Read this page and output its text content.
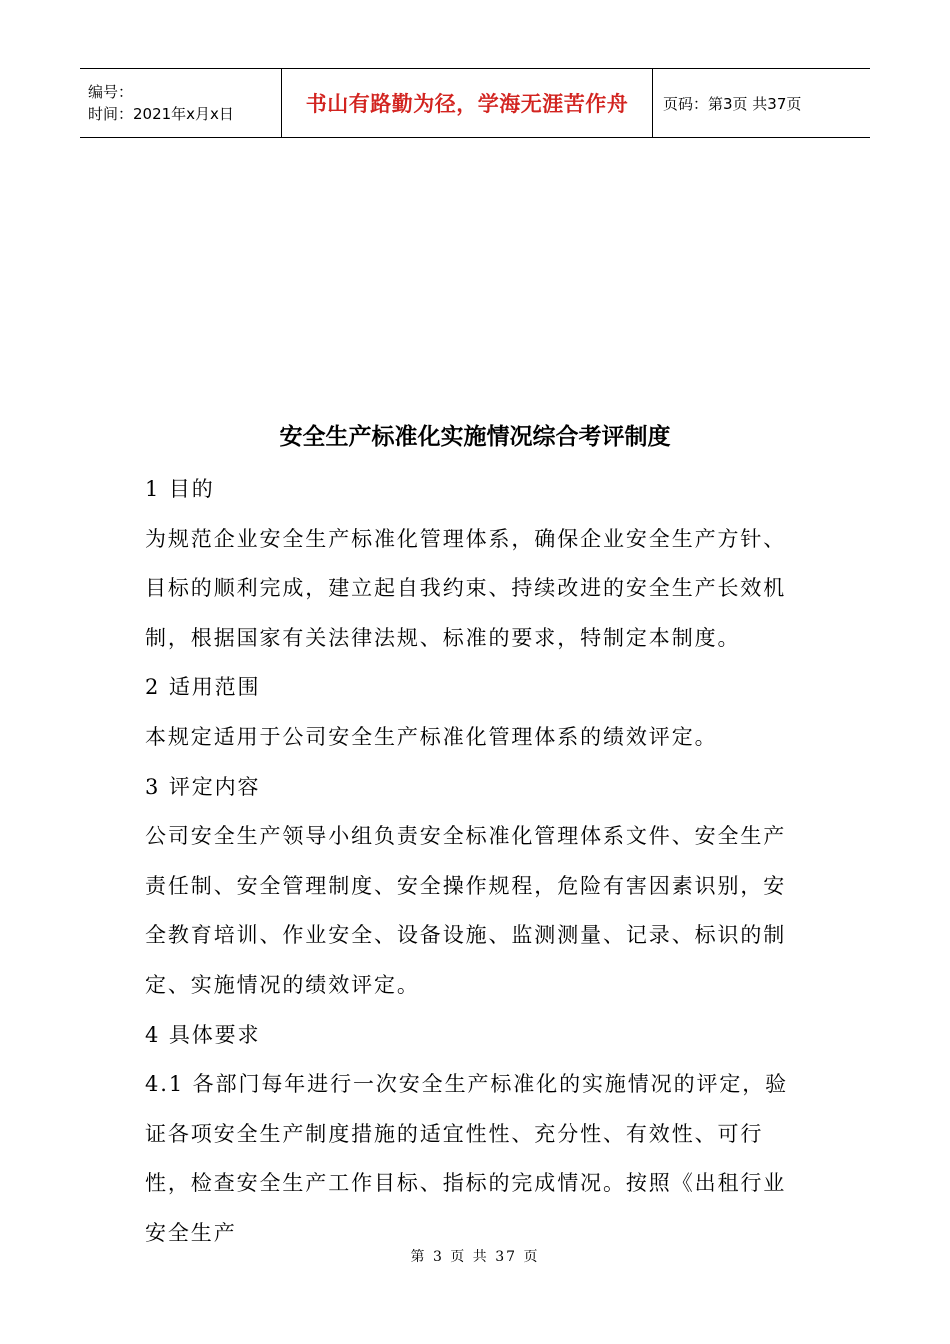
编号：
时间：2021年x月x日	书山有路勤为径，学海无涯苦作舟 页码：第3页 共37页
安全生产标准化实施情况综合考评制度

1 目的

为规范企业安全生产标准化管理体系，确保企业安全生产方针、目标的顺利完成，建立起自我约束、持续改进的安全生产长效机制，根据国家有关法律法规、标准的要求，特制定本制度。

2 适用范围

本规定适用于公司安全生产标准化管理体系的绩效评定。

3 评定内容

公司安全生产领导小组负责安全标准化管理体系文件、安全生产责任制、安全管理制度、安全操作规程，危险有害因素识别，安全教育培训、作业安全、设备设施、监测测量、记录、标识的制定、实施情况的绩效评定。

4 具体要求

4.1 各部门每年进行一次安全生产标准化的实施情况的评定，验证各项安全生产制度措施的适宜性性、充分性、有效性、可行性，检查安全生产工作目标、指标的完成情况。按照《出租行业安全生产

第 3 页 共 37 页
